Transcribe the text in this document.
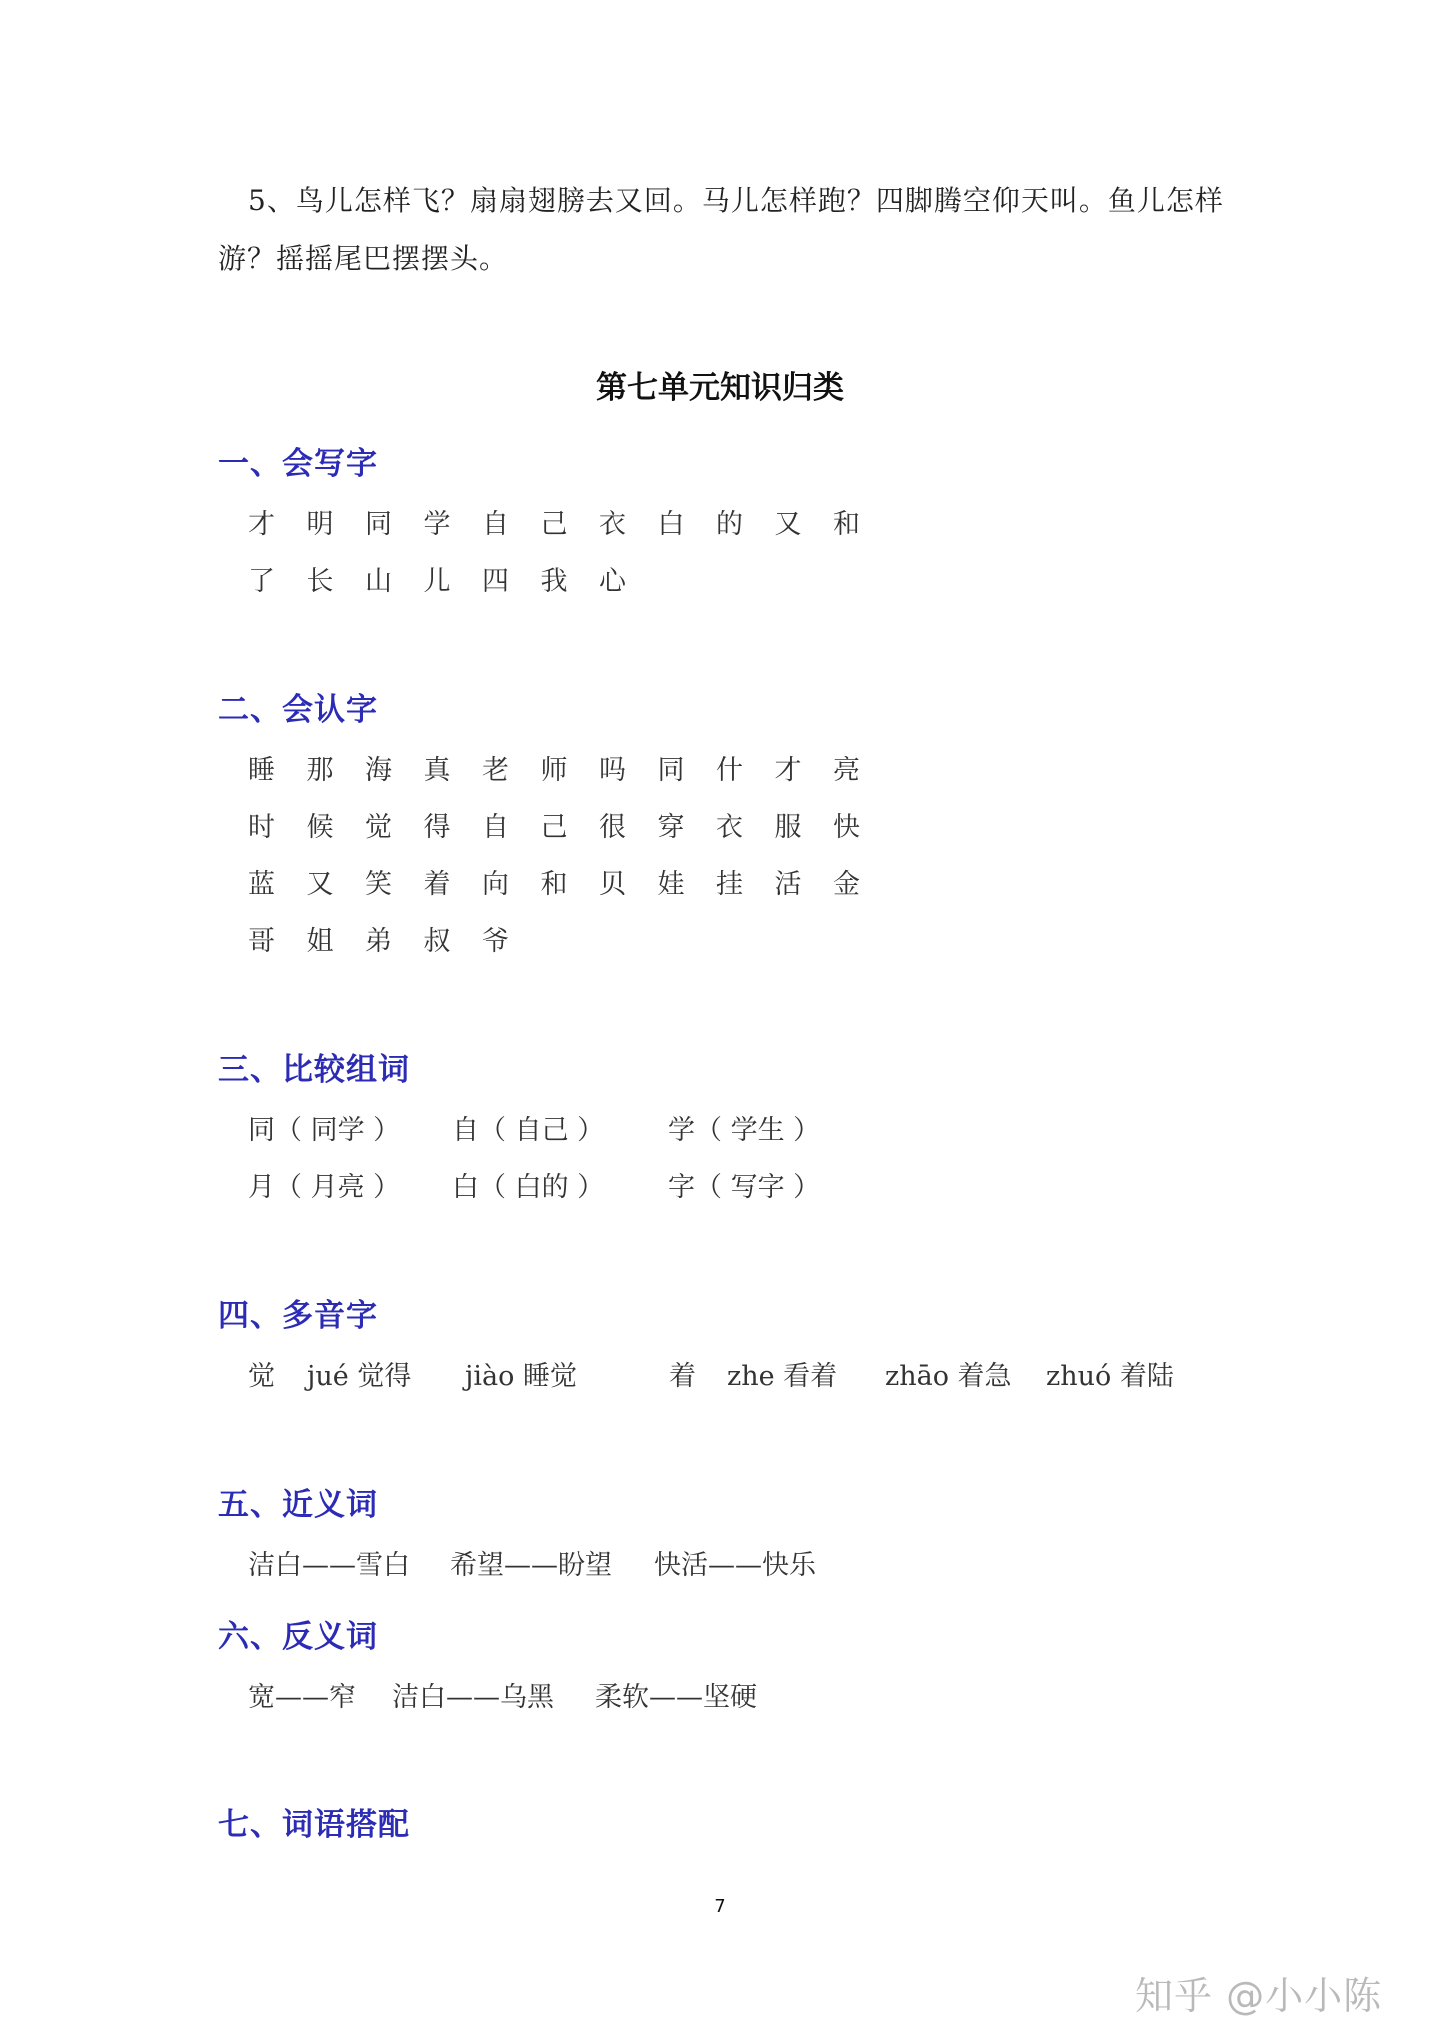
5、鸟儿怎样飞？扇扇翅膀去又回。马儿怎样跑？四脚腾空仰天叫。鱼儿怎样游？摇摇尾巴摆摆头。
第七单元知识归类
一、会写字
才 明 同 学 自 己 衣 白 的 又 和
了 长 山 儿 四 我 心
二、会认字
睡 那 海 真 老 师 吗 同 什 才 亮
时 候 觉 得 自 己 很 穿 衣 服 快
蓝 又 笑 着 向 和 贝 娃 挂 活 金
哥 姐 弟 叔 爷
三、比较组词
同（ 同学 ） 自（ 自己 ） 学（ 学生 ）
月（ 月亮 ） 白（ 白的 ） 字（ 写字 ）
四、多音字
觉 jué 觉得 jiào 睡觉	着 zhe 看着 zhāo 着急 zhuó 着陆
五、近义词
洁白——雪白 希望——盼望 快活——快乐
六、反义词
宽——窄 洁白——乌黑 柔软——坚硬
七、词语搭配
7
知乎 @小小陈
